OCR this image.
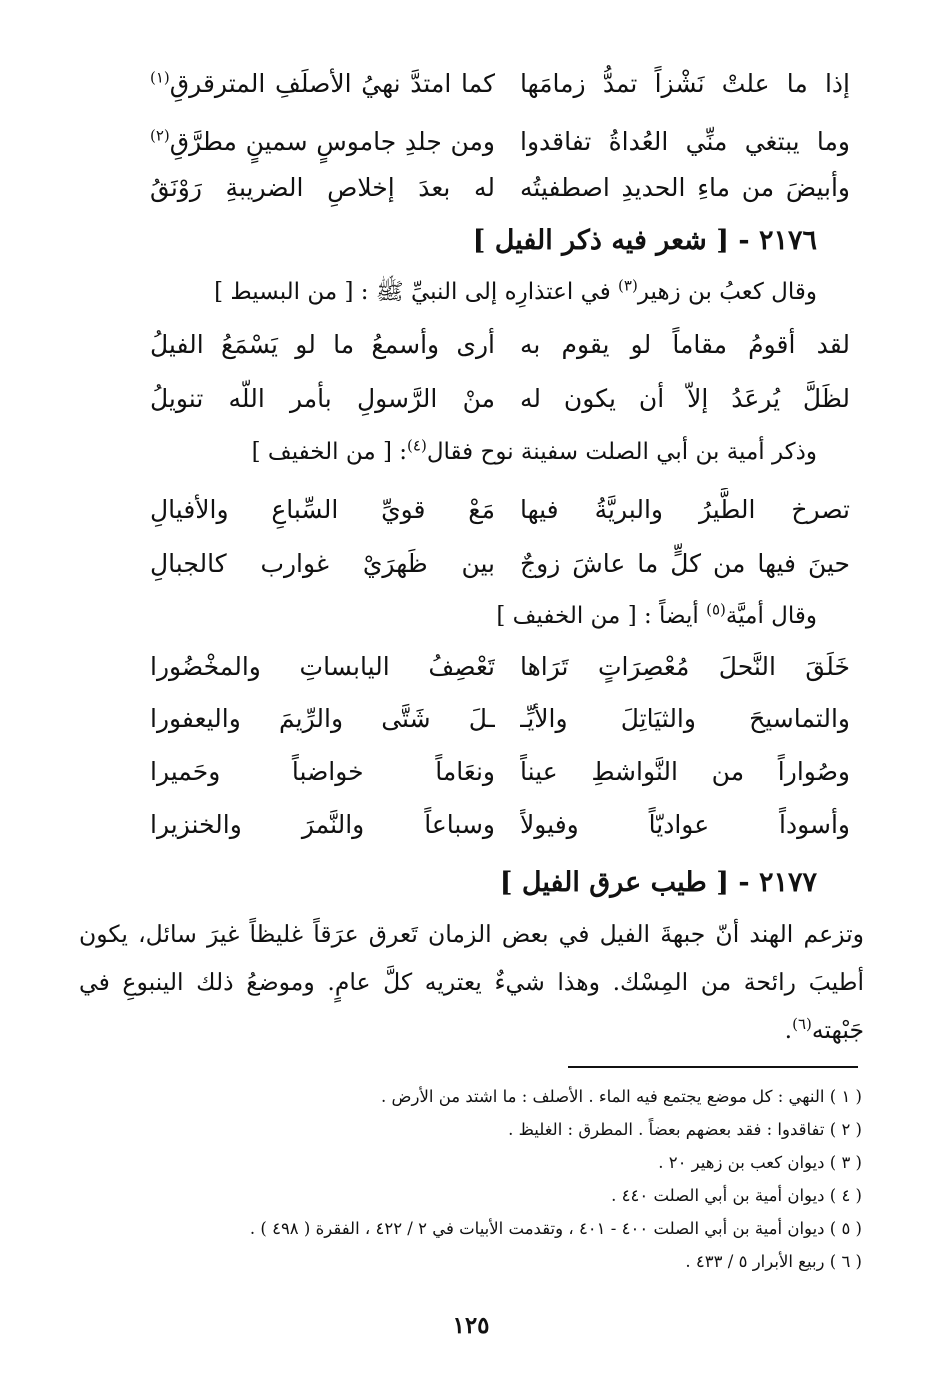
إذا ما علتْ نَشْزاً تمدُّ زمامَها
كما امتدَّ نهيُ الأصلَفِ المترقرقِ$^{(١)}$
وما يبتغي منِّي العُداةُ تفاقدوا
ومن جلدِ جاموسٍ سمينٍ مطرَّقِ$^{(٢)}$
وأبيضَ من ماءِ الحديدِ اصطفيتُه
له بعدَ إخلاصِ الضريبةِ رَوْنَقُ
٢١٧٦ - [ شعر فيه ذكر الفيل ]
وقال كعبُ بن زهير$^{(٣)}$ في اعتذارِه إلى النبيِّ ﷺ : [ من البسيط ]
لقد أقومُ مقاماً لو يقوم به
أرى وأسمعُ ما لو يَسْمَعُ الفيلُ
لظَلَّ يُرعَدُ إلاّ أن يكون له
منْ الرَّسولِ بأمر اللّه تنويلُ
وذكر أمية بن أبي الصلت سفينة نوح فقال$^{(٤)}$: [ من الخفيف ]
تصرخ الطَّيرُ والبريَّةُ فيها
مَعْ قويِّ السِّباعِ والأفيالِ
حينَ فيها من كلٍّ ما عاشَ زوجٌ
بين ظَهرَيْ غوارب كالجبالِ
وقال أميَّة$^{(٥)}$ أيضاً : [ من الخفيف ]
خَلَقَ النَّحلَ مُعْصِرَاتٍ تَرَاها
تَعْصِفُ اليابساتِ والمخْضُورا
والتماسيحَ والثيَاتِلَ والأيِّـ
ـلَ شَتَّى والرِّيمَ واليعفورا
وصُواراً من النَّواشطِ عيناً
ونعَاماً خواضباً وحَميرا
وأسوداً عواديّاً وفيولاً
وسباعاً والنَّمرَ والخنزيرا
٢١٧٧ - [ طيب عرق الفيل ]
وتزعم الهند أنّ جبهةَ الفيل في بعض الزمان تَعرق عرَقاً غليظاً غيرَ سائل، يكون
أطيبَ رائحة من المِسْك. وهذا شيءٌ يعتريه كلَّ عامٍ. وموضعُ ذلك الينبوعِ في
جَبْهته$^{(٦)}$.
( ١ ) النهي : كل موضع يجتمع فيه الماء . الأصلف : ما اشتد من الأرض .
( ٢ ) تفاقدوا : فقد بعضهم بعضاً . المطرق : الغليظ .
( ٣ ) ديوان كعب بن زهير ٢٠ .
( ٤ ) ديوان أمية بن أبي الصلت ٤٤٠ .
( ٥ ) ديوان أمية بن أبي الصلت ٤٠٠ - ٤٠١ ، وتقدمت الأبيات في ٢ / ٤٢٢ ، الفقرة ( ٤٩٨ ) .
( ٦ ) ربيع الأبرار ٥ / ٤٣٣ .
١٢٥
